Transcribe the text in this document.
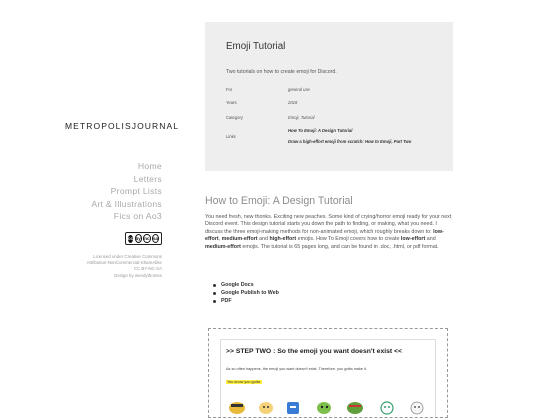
METROPOLISJOURNAL
Home
Letters
Prompt Lists
Art & Illustrations
Fics on Ao3
cc by nc sa
Licensed under Creative Commons
Attribution-NonCommercial-ShareAlike
CC BY-NC-SA
Design by wendythomes
Emoji Tutorial
Two tutorials on how to create emoji for Discord.
For	general use
Years	2018
Category	Emoji, Tutorial
Links
How To Emoji: A Design Tutorial
Draw a high-effort emoji from scratch: How to Emoji, Part Two
How to Emoji: A Design Tutorial
You need fresh, new thonks. Exciting new peaches. Some kind of crying/horror emoji ready for your next Discord event. This design tutorial starts you down the path to finding, or making, what you need. I discuss the three emoji-making methods for non-animated emoji, which roughly breaks down to: low-effort, medium-effort and high-effort emojis. How To Emoji covers how to create low-effort and medium-effort emojis. The tutorial is 65 pages long, and can be found in .doc, .html, or pdf format.
Google Docs
Google Publish to Web
PDF
>> STEP TWO : So the emoji you want doesn't exist <<
As so often happens, the emoji you want doesn't exist. Therefore, you gotta make it.
You know you gotta.
